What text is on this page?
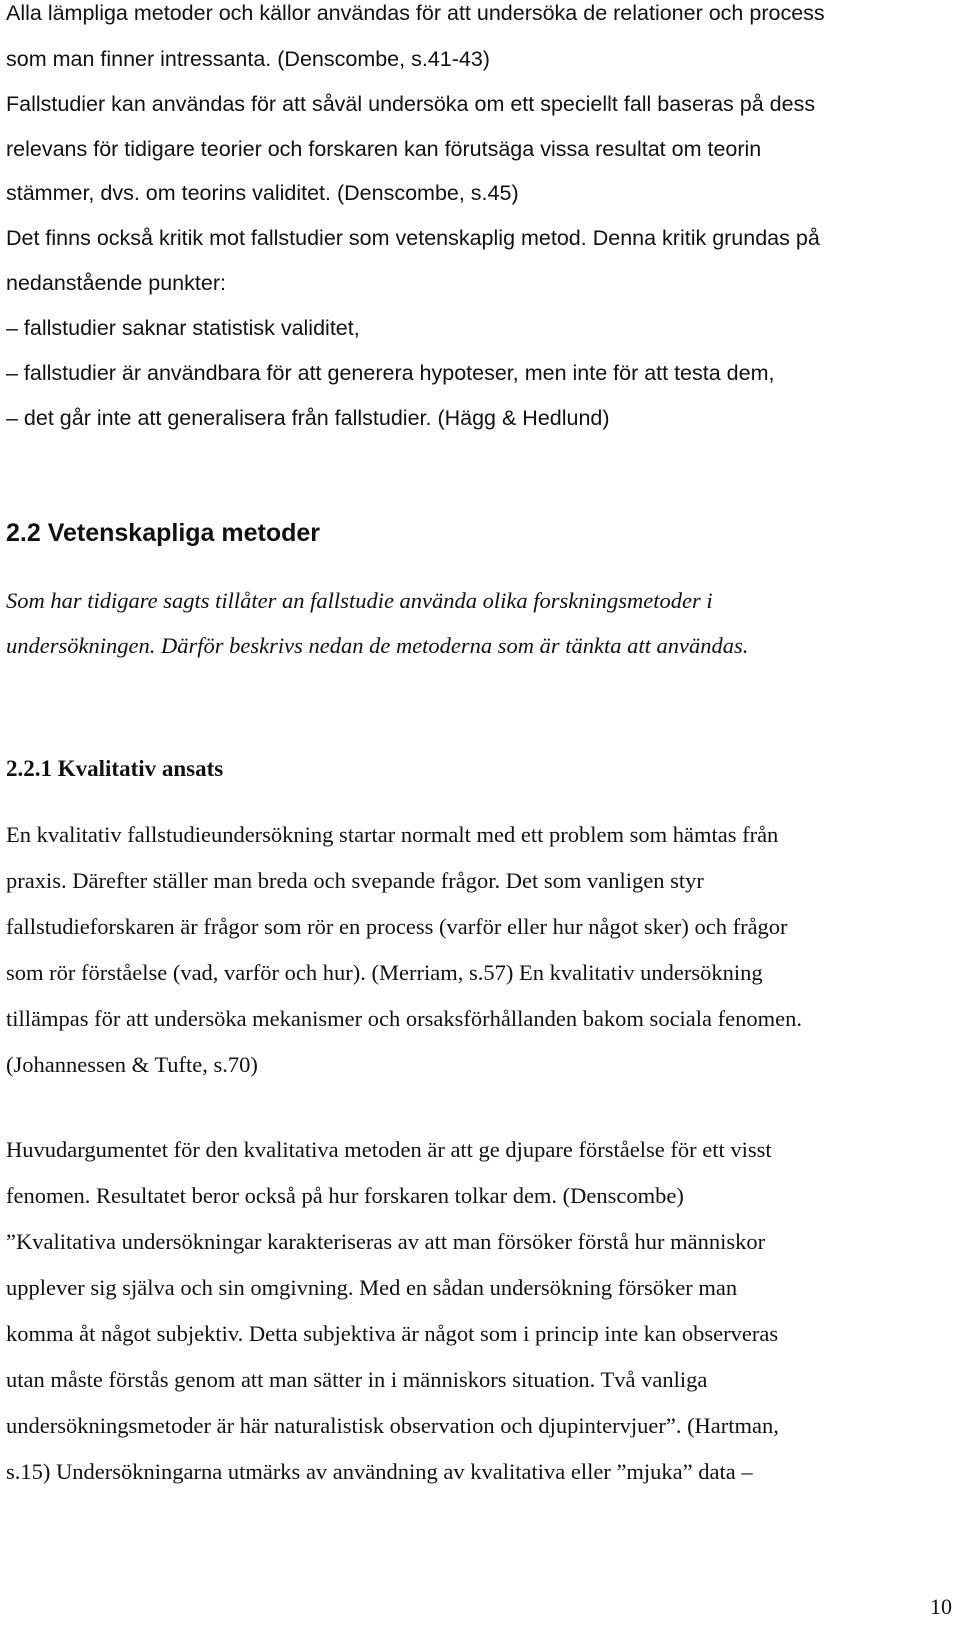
Alla lämpliga metoder och källor användas för att undersöka de relationer och process
som man finner intressanta. (Denscombe, s.41-43)
Fallstudier kan användas för att såväl undersöka om ett speciellt fall baseras på dess
relevans för tidigare teorier och forskaren kan förutsäga vissa resultat om teorin
stämmer, dvs. om teorins validitet. (Denscombe, s.45)
Det finns också kritik mot fallstudier som vetenskaplig metod. Denna kritik grundas på
nedanstående punkter:
– fallstudier saknar statistisk validitet,
– fallstudier är användbara för att generera hypoteser, men inte för att testa dem,
– det går inte att generalisera från fallstudier. (Hägg & Hedlund)
2.2 Vetenskapliga metoder
Som har tidigare sagts tillåter an fallstudie använda olika forskningsmetoder i
undersökningen. Därför beskrivs nedan de metoderna som är tänkta att användas.
2.2.1 Kvalitativ ansats
En kvalitativ fallstudieundersökning startar normalt med ett problem som hämtas från
praxis. Därefter ställer man breda och svepande frågor. Det som vanligen styr
fallstudieforskaren är frågor som rör en process (varför eller hur något sker) och frågor
som rör förståelse (vad, varför och hur). (Merriam, s.57) En kvalitativ undersökning
tillämpas för att undersöka mekanismer och orsaksförhållanden bakom sociala fenomen.
(Johannessen & Tufte, s.70)
Huvudargumentet för den kvalitativa metoden är att ge djupare förståelse för ett visst
fenomen. Resultatet beror också på hur forskaren tolkar dem. (Denscombe)
”Kvalitativa undersökningar karakteriseras av att man försöker förstå hur människor
upplever sig själva och sin omgivning. Med en sådan undersökning försöker man
komma åt något subjektiv. Detta subjektiva är något som i princip inte kan observeras
utan måste förstås genom att man sätter in i människors situation. Två vanliga
undersökningsmetoder är här naturalistisk observation och djupintervjuer”. (Hartman,
s.15) Undersökningarna utmärks av användning av kvalitativa eller ”mjuka” data –
10
